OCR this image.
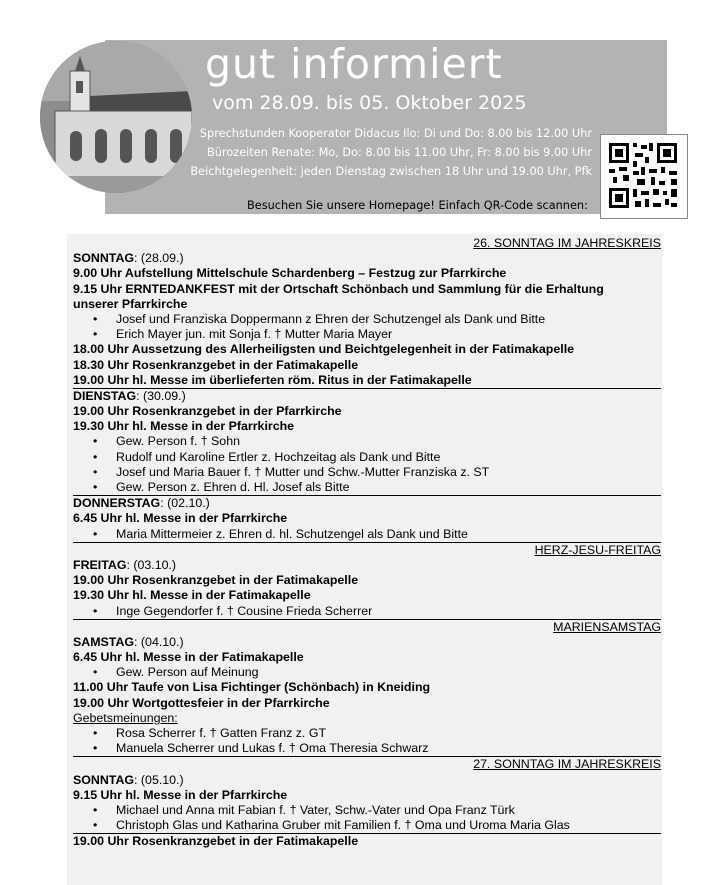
gut informiert
vom 28.09. bis 05. Oktober 2025
Sprechstunden Kooperator Didacus Ilo: Di und Do: 8.00 bis 12.00 Uhr
Bürozeiten Renate: Mo, Do: 8.00 bis 11.00 Uhr, Fr: 8.00 bis 9.00 Uhr
Beichtgelegenheit: jeden Dienstag zwischen 18 Uhr und 19.00 Uhr, Pfk
Besuchen Sie unsere Homepage! Einfach QR-Code scannen:
26. SONNTAG IM JAHRESKREIS
SONNTAG: (28.09.)
9.00 Uhr Aufstellung Mittelschule Schardenberg – Festzug zur Pfarrkirche
9.15 Uhr ERNTEDANKFEST mit der Ortschaft Schönbach und Sammlung für die Erhaltung
unserer Pfarrkirche
• Josef und Franziska Doppermann z Ehren der Schutzengel als Dank und Bitte
• Erich Mayer jun. mit Sonja f. † Mutter Maria Mayer
18.00 Uhr Aussetzung des Allerheiligsten und Beichtgelegenheit in der Fatimakapelle
18.30 Uhr Rosenkranzgebet in der Fatimakapelle
19.00 Uhr hl. Messe im überlieferten röm. Ritus in der Fatimakapelle
DIENSTAG: (30.09.)
19.00 Uhr Rosenkranzgebet in der Pfarrkirche
19.30 Uhr hl. Messe in der Pfarrkirche
• Gew. Person f. † Sohn
• Rudolf und Karoline Ertler z. Hochzeitag als Dank und Bitte
• Josef und Maria Bauer f. † Mutter und Schw.-Mutter Franziska z. ST
• Gew. Person z. Ehren d. Hl. Josef als Bitte
DONNERSTAG: (02.10.)
6.45 Uhr hl. Messe in der Pfarrkirche
• Maria Mittermeier z. Ehren d. hl. Schutzengel als Dank und Bitte
HERZ-JESU-FREITAG
FREITAG: (03.10.)
19.00 Uhr Rosenkranzgebet in der Fatimakapelle
19.30 Uhr hl. Messe in der Fatimakapelle
• Inge Gegendorfer f. † Cousine Frieda Scherrer
MARIENSAMSTAG
SAMSTAG: (04.10.)
6.45 Uhr hl. Messe in der Fatimakapelle
• Gew. Person auf Meinung
11.00 Uhr Taufe von Lisa Fichtinger (Schönbach) in Kneiding
19.00 Uhr Wortgottesfeier in der Pfarrkirche
Gebetsmeinungen:
• Rosa Scherrer f. † Gatten Franz z. GT
• Manuela Scherrer und Lukas f. † Oma Theresia Schwarz
27. SONNTAG IM JAHRESKREIS
SONNTAG: (05.10.)
9.15 Uhr hl. Messe in der Pfarrkirche
• Michael und Anna mit Fabian f. † Vater, Schw.-Vater und Opa Franz Türk
• Christoph Glas und Katharina Gruber mit Familien f. † Oma und Uroma Maria Glas
19.00 Uhr Rosenkranzgebet in der Fatimakapelle
